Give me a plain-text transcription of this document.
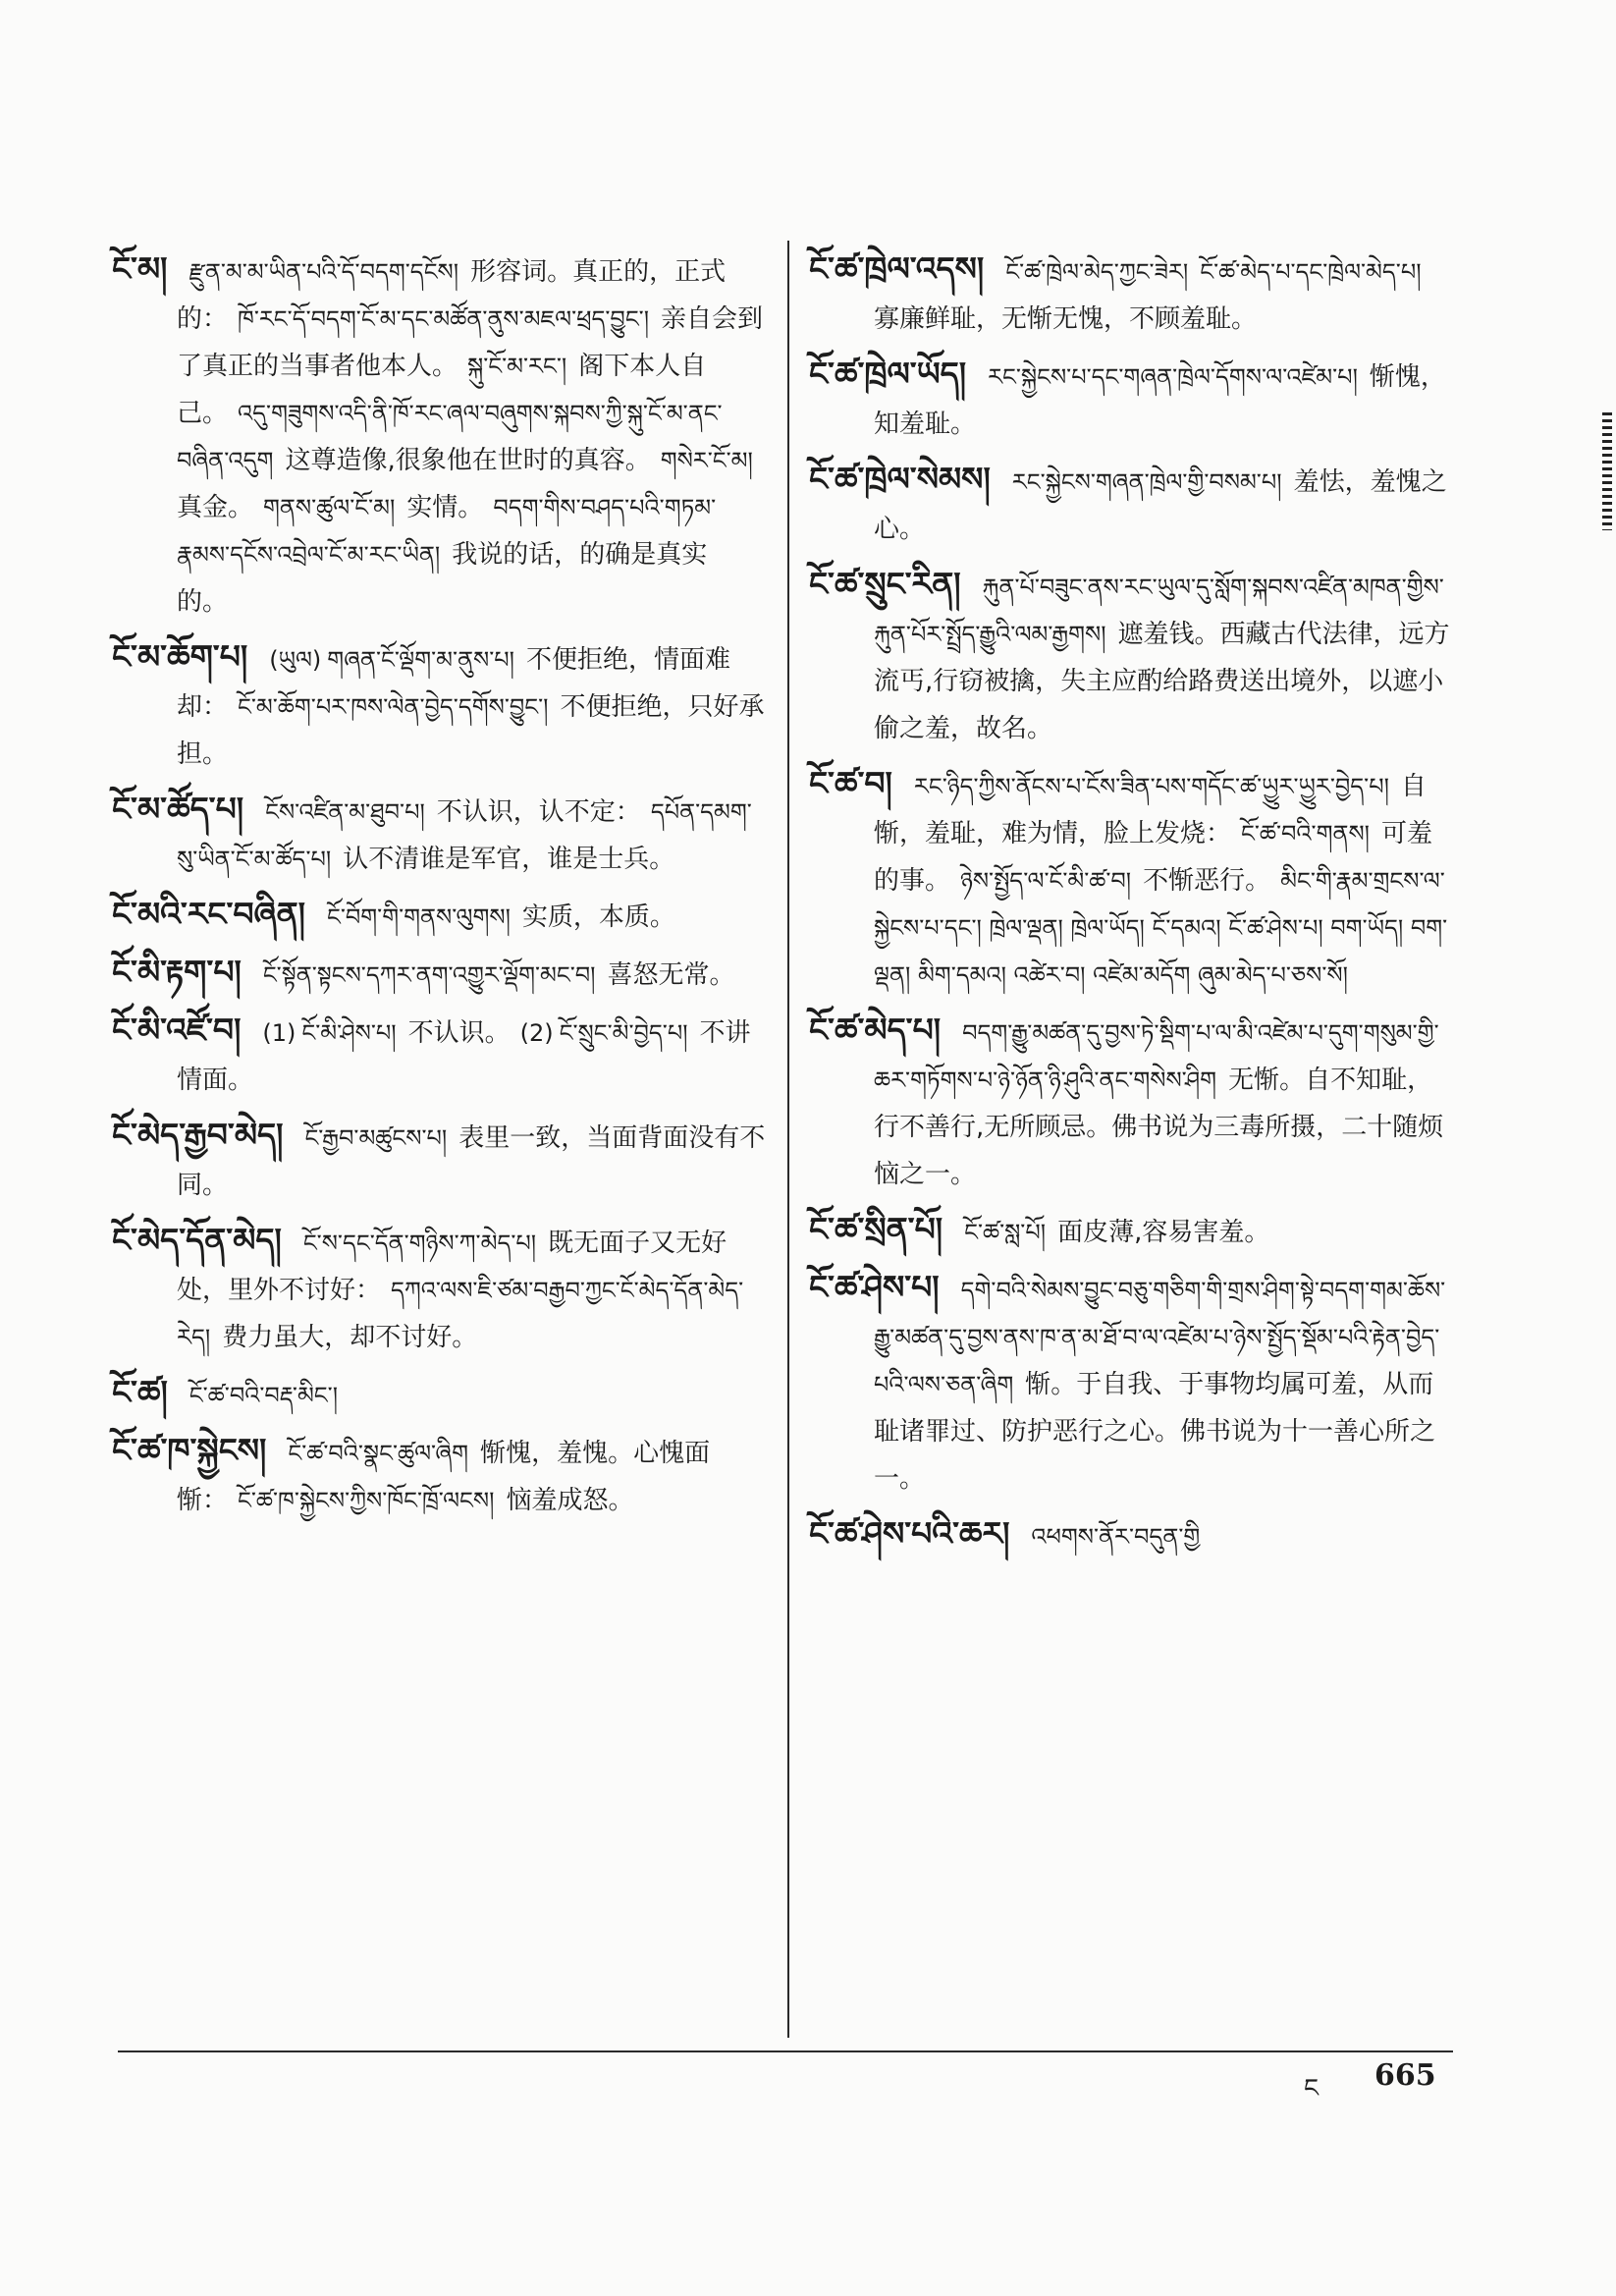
ངོ་མ། རྫུན་མ་མ་ཡིན་པའི་དོ་བདག་དངོས། 形容词。真正的，正式的： ཁོ་རང་དོ་བདག་ངོ་མ་དང་མཚོན་ནུས་མཇལ་ཕྲད་བྱུང་། 亲自会到了真正的当事者他本人。 སྐུ་ངོ་མ་རང་། 阁下本人自己。 འདུ་གཟུགས་འདི་ནི་ཁོ་རང་ཞལ་བཞུགས་སྐབས་ཀྱི་སྐུ་ངོ་མ་ནང་བཞིན་འདུག 这尊造像,很象他在世时的真容。 གསེར་ངོ་མ།真金。 གནས་ཚུལ་ངོ་མ། 实情。 བདག་གིས་བཤད་པའི་གཏམ་རྣམས་དངོས་འབྲེལ་ངོ་མ་རང་ཡིན། 我说的话，的确是真实的。
ངོ་མ་ཆོག་པ། (ཡུལ) གཞན་ངོ་ལྡོག་མ་ནུས་པ། 不便拒绝，情面难却： ངོ་མ་ཆོག་པར་ཁས་ལེན་བྱེད་དགོས་བྱུང་། 不便拒绝，只好承担。
ངོ་མ་ཚོད་པ། ངོས་འཛིན་མ་ཐུབ་པ། 不认识，认不定： དཔོན་དམག་སུ་ཡིན་ངོ་མ་ཚོད་པ། 认不清谁是军官，谁是士兵。
ངོ་མའི་རང་བཞིན། ངོ་བོག་གི་གནས་ལུགས། 实质，本质。
ངོ་མི་རྟག་པ། ངོ་སྟོན་སྟངས་དཀར་ནག་འགྱུར་ལྡོག་མང་བ། 喜怒无常。
ངོ་མི་འཛོ་བ། (1) ངོ་མི་ཤེས་པ། 不认识。 (2) ངོ་སྲུང་མི་བྱེད་པ། 不讲情面。
ངོ་མེད་རྒྱབ་མེད། ངོ་རྒྱབ་མཚུངས་པ། 表里一致，当面背面没有不同。
ངོ་མེད་དོན་མེད། ངོ་ས་དང་དོན་གཉིས་ཀ་མེད་པ། 既无面子又无好处，里外不讨好： དཀའ་ལས་ཇི་ཙམ་བརྒྱབ་ཀྱང་ངོ་མེད་དོན་མེད་རེད། 费力虽大，却不讨好。
ངོ་ཚ། ངོ་ཚ་བའི་བརྡ་མིང་།
ངོ་ཚ་ཁ་སྐྱེངས། ངོ་ཚ་བའི་སྣང་ཚུལ་ཞིག 惭愧，羞愧。心愧面惭： ངོ་ཚ་ཁ་སྐྱེངས་ཀྱིས་ཁོང་ཁྲོ་ལངས། 恼羞成怒。
ངོ་ཚ་ཁྲེལ་འདས། ངོ་ཚ་ཁྲེལ་མེད་ཀྱང་ཟེར། ངོ་ཚ་མེད་པ་དང་ཁྲེལ་མེད་པ།寡廉鲜耻，无惭无愧，不顾羞耻。
ངོ་ཚ་ཁྲེལ་ཡོད། རང་སྐྱེངས་པ་དང་གཞན་ཁྲེལ་དོགས་ལ་འཛེམ་པ། 惭愧，知羞耻。
ངོ་ཚ་ཁྲེལ་སེམས། རང་སྐྱེངས་གཞན་ཁྲེལ་གྱི་བསམ་པ། 羞怯，羞愧之心。
ངོ་ཚ་སྲུང་རིན། རྐུན་པོ་བཟུང་ནས་རང་ཡུལ་དུ་སློག་སྐབས་འཛིན་མཁན་གྱིས་རྐུན་པོར་སྤྲོད་རྒྱུའི་ལམ་རྒྱགས། 遮羞钱。西藏古代法律，远方流丐,行窃被擒，失主应酌给路费送出境外，以遮小偷之羞，故名。
ངོ་ཚ་བ། རང་ཉིད་ཀྱིས་ནོངས་པ་ངོས་ཟིན་པས་གདོང་ཚ་ཡྱུར་ཡྱུར་བྱེད་པ། 自惭，羞耻，难为情，脸上发烧： ངོ་ཚ་བའི་གནས། 可羞的事。 ཉེས་སྤྱོད་ལ་ངོ་མི་ཚ་བ། 不惭恶行。 མིང་གི་རྣམ་གྲངས་ལ་སྐྱེངས་པ་དང་། ཁྲེལ་ལྡན། ཁྲེལ་ཡོད། ངོ་དམའ། ངོ་ཚ་ཤེས་པ། བག་ཡོད། བག་ལྡན། མིག་དམའ། འཚེར་བ། འཛེམ་མདོག ཞུམ་མེད་པ་ཅས་སོ།
ངོ་ཚ་མེད་པ། བདག་རྒྱུ་མཚན་དུ་བྱས་ཏེ་སྡིག་པ་ལ་མི་འཛེམ་པ་དུག་གསུམ་གྱི་ཆར་གཏོགས་པ་ཉེ་ཉོན་ཉི་ཤུའི་ནང་གསེས་ཤིག 无惭。自不知耻，行不善行,无所顾忌。佛书说为三毒所摄，二十随烦恼之一。
ངོ་ཚ་སྲིན་པོ། ངོ་ཚ་སླ་པོ། 面皮薄,容易害羞。
ངོ་ཚ་ཤེས་པ། དགེ་བའི་སེམས་བྱུང་བཅུ་གཅིག་གི་གྲས་ཤིག་སྟེ་བདག་གམ་ཆོས་རྒྱུ་མཚན་དུ་བྱས་ནས་ཁ་ན་མ་ཐོ་བ་ལ་འཛེམ་པ་ཉེས་སྤྱོད་སྡོམ་པའི་རྟེན་བྱེད་པའི་ལས་ཅན་ཞིག 惭。于自我、于事物均属可羞，从而耻诸罪过、防护恶行之心。佛书说为十一善心所之一。
ངོ་ཚ་ཤེས་པའི་ཆར། འཕགས་ནོར་བདུན་གྱི
ང 665
